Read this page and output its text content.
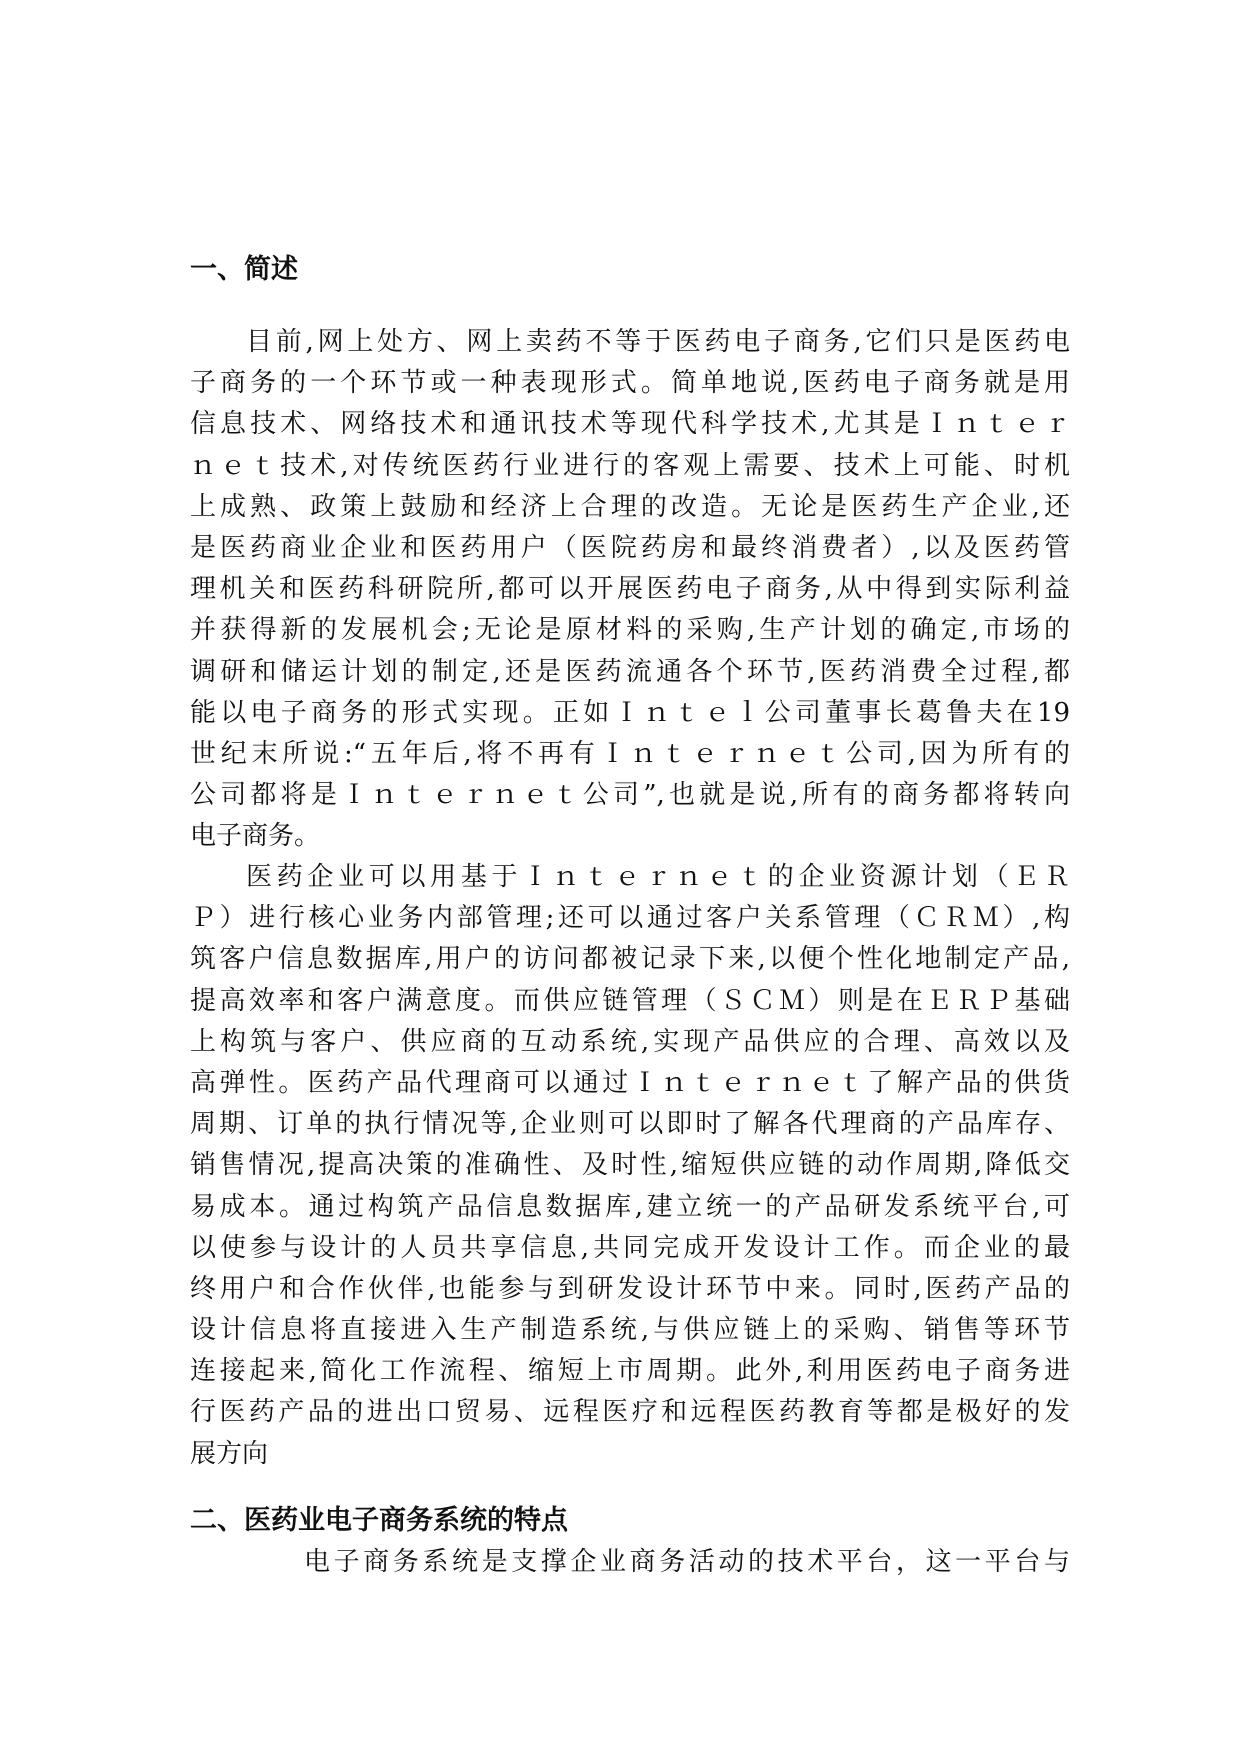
一、简述
目前,网上处方、网上卖药不等于医药电子商务,它们只是医药电
子商务的一个环节或一种表现形式。简单地说,医药电子商务就是用
信息技术、网络技术和通讯技术等现代科学技术,尤其是Ｉｎｔｅｒ
ｎｅｔ技术,对传统医药行业进行的客观上需要、技术上可能、时机
上成熟、政策上鼓励和经济上合理的改造。无论是医药生产企业,还
是医药商业企业和医药用户（医院药房和最终消费者）,以及医药管
理机关和医药科研院所,都可以开展医药电子商务,从中得到实际利益
并获得新的发展机会;无论是原材料的采购,生产计划的确定,市场的
调研和储运计划的制定,还是医药流通各个环节,医药消费全过程,都
能以电子商务的形式实现。正如Ｉｎｔｅｌ公司董事长葛鲁夫在19
世纪末所说:“五年后,将不再有Ｉｎｔｅｒｎｅｔ公司,因为所有的
公司都将是Ｉｎｔｅｒｎｅｔ公司”,也就是说,所有的商务都将转向
电子商务。
医药企业可以用基于Ｉｎｔｅｒｎｅｔ的企业资源计划（ＥＲ
Ｐ）进行核心业务内部管理;还可以通过客户关系管理（ＣＲＭ）,构
筑客户信息数据库,用户的访问都被记录下来,以便个性化地制定产品,
提高效率和客户满意度。而供应链管理（ＳＣＭ）则是在ＥＲＰ基础
上构筑与客户、供应商的互动系统,实现产品供应的合理、高效以及
高弹性。医药产品代理商可以通过Ｉｎｔｅｒｎｅｔ了解产品的供货
周期、订单的执行情况等,企业则可以即时了解各代理商的产品库存、
销售情况,提高决策的准确性、及时性,缩短供应链的动作周期,降低交
易成本。通过构筑产品信息数据库,建立统一的产品研发系统平台,可
以使参与设计的人员共享信息,共同完成开发设计工作。而企业的最
终用户和合作伙伴,也能参与到研发设计环节中来。同时,医药产品的
设计信息将直接进入生产制造系统,与供应链上的采购、销售等环节
连接起来,简化工作流程、缩短上市周期。此外,利用医药电子商务进
行医药产品的进出口贸易、远程医疗和远程医药教育等都是极好的发
展方向
二、医药业电子商务系统的特点
电子商务系统是支撑企业商务活动的技术平台，这一平台与
